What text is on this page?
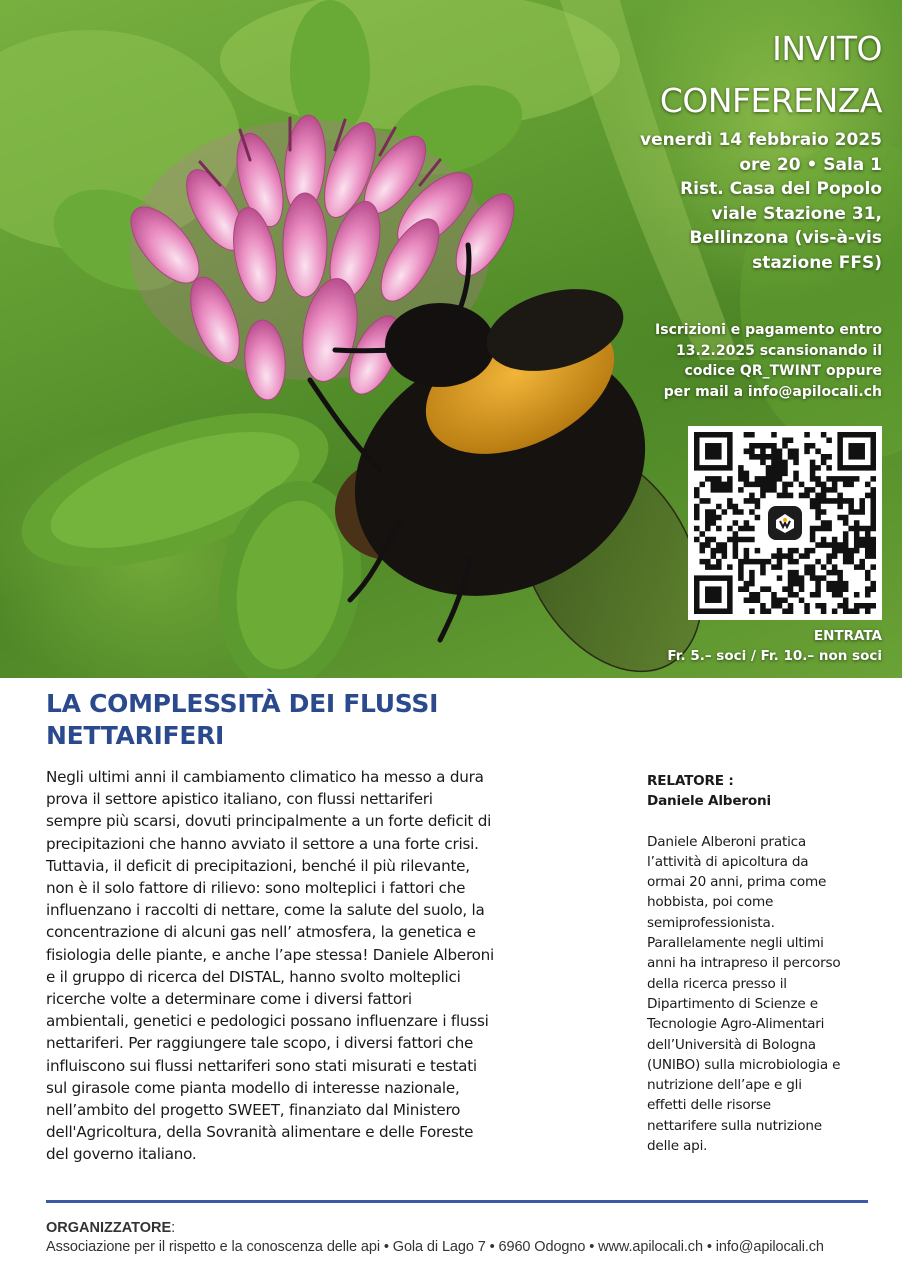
INVITO
CONFERENZA
venerdì 14 febbraio 2025
ore 20 • Sala 1
Rist. Casa del Popolo
viale Stazione 31,
Bellinzona (vis-à-vis
stazione FFS)
Iscrizioni e pagamento entro
13.2.2025 scansionando il
codice QR_TWINT oppure
per mail a info@apilocali.ch
ENTRATA
Fr. 5.– soci / Fr. 10.– non soci
LA COMPLESSITÀ DEI FLUSSI
NETTARIFERI
Negli ultimi anni il cambiamento climatico ha messo a dura
prova il settore apistico italiano, con flussi nettariferi
sempre più scarsi, dovuti principalmente a un forte deficit di
precipitazioni che hanno avviato il settore a una forte crisi.
Tuttavia, il deficit di precipitazioni, benché il più rilevante,
non è il solo fattore di rilievo: sono molteplici i fattori che
influenzano i raccolti di nettare, come la salute del suolo, la
concentrazione di alcuni gas nell’ atmosfera, la genetica e
fisiologia delle piante, e anche l’ape stessa! Daniele Alberoni
e il gruppo di ricerca del DISTAL, hanno svolto molteplici
ricerche volte a determinare come i diversi fattori
ambientali, genetici e pedologici possano influenzare i flussi
nettariferi. Per raggiungere tale scopo, i diversi fattori che
influiscono sui flussi nettariferi sono stati misurati e testati
sul girasole come pianta modello di interesse nazionale,
nell’ambito del progetto SWEET, finanziato dal Ministero
dell'Agricoltura, della Sovranità alimentare e delle Foreste
del governo italiano.
RELATORE :
Daniele Alberoni
Daniele Alberoni pratica
l’attività di apicoltura da
ormai 20 anni, prima come
hobbista, poi come
semiprofessionista.
Parallelamente negli ultimi
anni ha intrapreso il percorso
della ricerca presso il
Dipartimento di Scienze e
Tecnologie Agro-Alimentari
dell’Università di Bologna
(UNIBO) sulla microbiologia e
nutrizione dell’ape e gli
effetti delle risorse
nettarifere sulla nutrizione
delle api.
ORGANIZZATORE:
Associazione per il rispetto e la conoscenza delle api • Gola di Lago 7 • 6960 Odogno • www.apilocali.ch • info@apilocali.ch
